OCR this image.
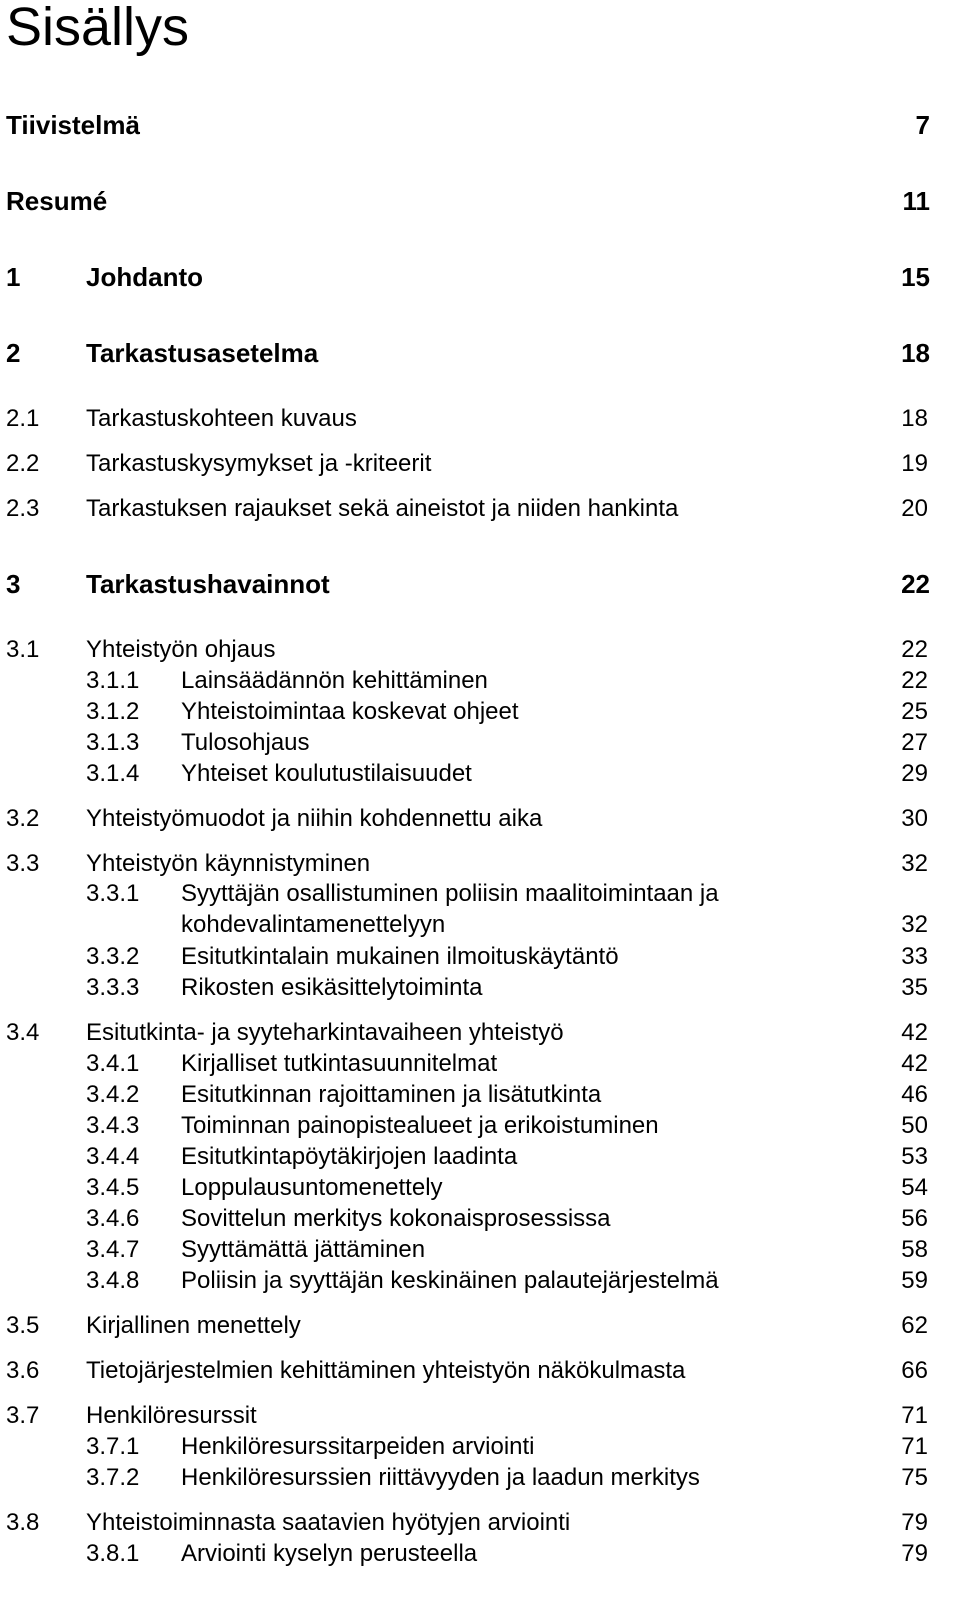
Sisällys
Tiivistelmä	7
Resumé	11
1	Johdanto	15
2	Tarkastusasetelma	18
2.1 Tarkastuskohteen kuvaus	18
2.2 Tarkastuskysymykset ja -kriteerit	19
2.3 Tarkastuksen rajaukset sekä aineistot ja niiden hankinta	20
3	Tarkastushavainnot	22
3.1 Yhteistyön ohjaus	22
3.1.1 Lainsäädännön kehittäminen	22
3.1.2 Yhteistoimintaa koskevat ohjeet	25
3.1.3 Tulosohjaus	27
3.1.4 Yhteiset koulutustilaisuudet	29
3.2 Yhteistyömuodot ja niihin kohdennettu aika	30
3.3 Yhteistyön käynnistyminen	32
3.3.1 Syyttäjän osallistuminen poliisin maalitoimintaan ja
kohdevalintamenettelyyn	32
3.3.2 Esitutkintalain mukainen ilmoituskäytäntö	33
3.3.3 Rikosten esikäsittelytoiminta	35
3.4 Esitutkinta- ja syyteharkintavaiheen yhteistyö	42
3.4.1 Kirjalliset tutkintasuunnitelmat	42
3.4.2 Esitutkinnan rajoittaminen ja lisätutkinta	46
3.4.3 Toiminnan painopistealueet ja erikoistuminen	50
3.4.4 Esitutkintapöytäkirjojen laadinta	53
3.4.5 Loppulausuntomenettely	54
3.4.6 Sovittelun merkitys kokonaisprosessissa	56
3.4.7 Syyttämättä jättäminen	58
3.4.8 Poliisin ja syyttäjän keskinäinen palautejärjestelmä	59
3.5 Kirjallinen menettely	62
3.6 Tietojärjestelmien kehittäminen yhteistyön näkökulmasta	66
3.7 Henkilöresurssit	71
3.7.1 Henkilöresurssitarpeiden arviointi	71
3.7.2 Henkilöresurssien riittävyyden ja laadun merkitys	75
3.8 Yhteistoiminnasta saatavien hyötyjen arviointi	79
3.8.1 Arviointi kyselyn perusteella	79
